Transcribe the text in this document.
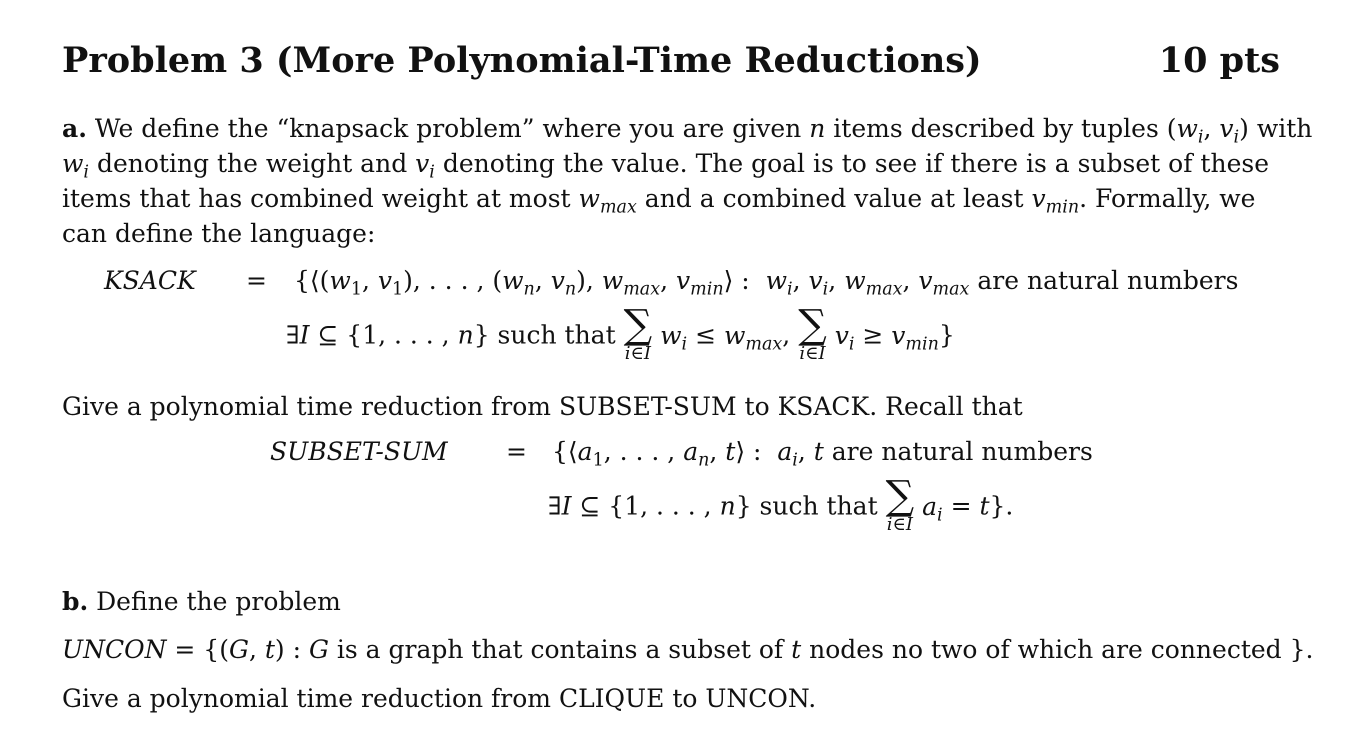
Problem 3 (More Polynomial-Time Reductions)	10 pts
a. We define the “knapsack problem” where you are given n items described by tuples ($w_i$, $v_i$) with
$w_i$ denoting the weight and $v_i$ denoting the value. The goal is to see if there is a subset of these
items that has combined weight at most $w_{max}$ and a combined value at least $v_{min}$. Formally, we
can define the language:
KSACK = {$⟨(w_1$, $v_1$), . . . , ($w_n$, $v_n$), $w_{max}$, $v_{min}⟩$ :  $w_i$, $v_i$, $w_{max}$, $v_{max}$ are natural numbers
∃I ⊆ {1, . . . , n} such that ∑
i∈I
$w_i \le w_{max}$, ∑
i∈I
$v_i \ge v_{min}$}
Give a polynomial time reduction from SUBSET-SUM to KSACK. Recall that
SUBSET-SUM = {$⟨a_1$, . . . , $a_n$, t⟩ :  $a_i$, t are natural numbers
∃I ⊆ {1, . . . , n} such that ∑
i∈I
$a_i = t$}.
b. Define the problem
UNCON = {(G, t) : G is a graph that contains a subset of t nodes no two of which are connected }.
Give a polynomial time reduction from CLIQUE to UNCON.
